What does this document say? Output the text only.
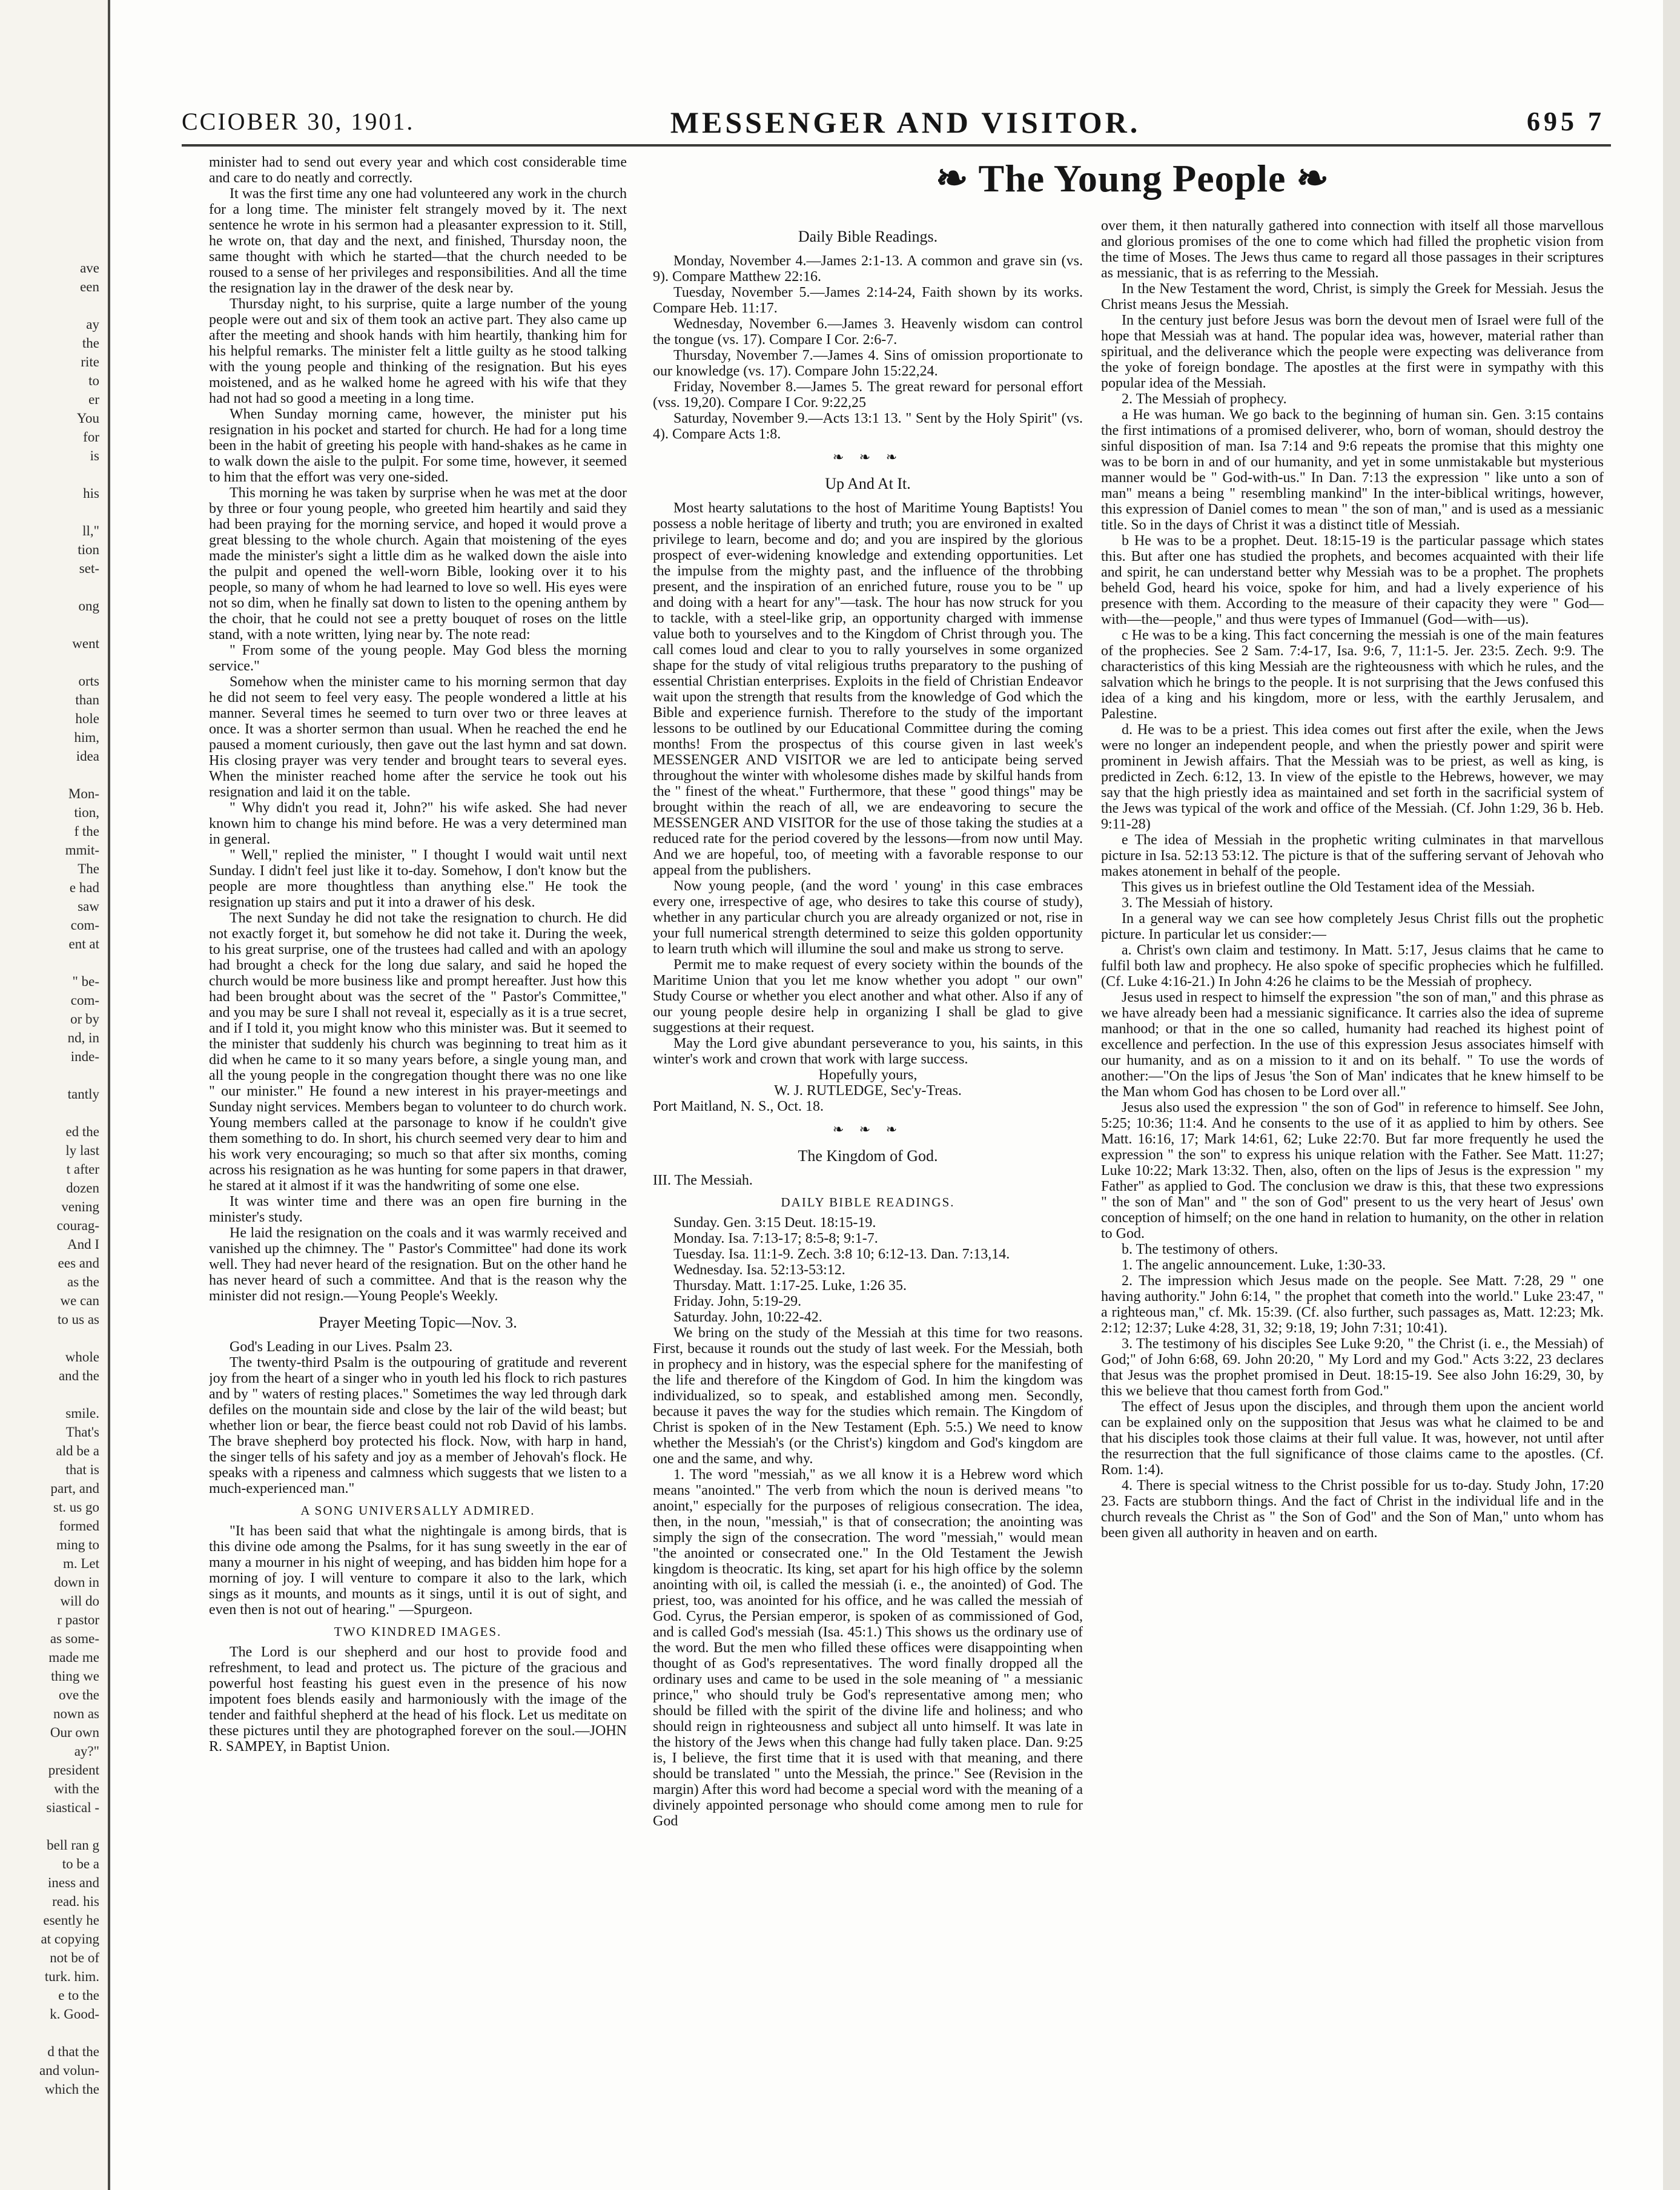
ave
een
ay
the
rite
to
er
You
for
is
his
ll,"
tion
set-
ong
went
orts
than
hole
him,
idea
Mon-
tion,
f the
mmit-
The
e had
saw
com-
ent at
" be-
com-
or by
nd, in
inde-
tantly
ed the
ly last
t after
dozen
vening
courag-
And I
ees and
as the
we can
to us as
whole
and the
smile.
That's
ald be a
that is
part, and
st. us go
formed
ming to
m. Let
down in
will do
r pastor
as some-
made me
thing we
ove the
nown as
Our own
ay?"
president
with the
siastical -
bell ran g
to be a
iness and
read. his
esently he
at copying
not be of
turk. him.
e to the
k. Good-
d that the
and volun-
which the
CCIOBER 30, 1901.	MESSENGER AND VISITOR.	695 7
❧ The Young People ❧

minister had to send out every year and which cost considerable time and care to do neatly and correctly.

It was the first time any one had volunteered any work in the church for a long time. The minister felt strangely moved by it. The next sentence he wrote in his sermon had a pleasanter expression to it. Still, he wrote on, that day and the next, and finished, Thursday noon, the same thought with which he started—that the church needed to be roused to a sense of her privileges and responsibilities. And all the time the resignation lay in the drawer of the desk near by.

Thursday night, to his surprise, quite a large number of the young people were out and six of them took an active part. They also came up after the meeting and shook hands with him heartily, thanking him for his helpful remarks. The minister felt a little guilty as he stood talking with the young people and thinking of the resignation. But his eyes moistened, and as he walked home he agreed with his wife that they had not had so good a meeting in a long time.

When Sunday morning came, however, the minister put his resignation in his pocket and started for church. He had for a long time been in the habit of greeting his people with hand-shakes as he came in to walk down the aisle to the pulpit. For some time, however, it seemed to him that the effort was very one-sided.

This morning he was taken by surprise when he was met at the door by three or four young people, who greeted him heartily and said they had been praying for the morning service, and hoped it would prove a great blessing to the whole church. Again that moistening of the eyes made the minister's sight a little dim as he walked down the aisle into the pulpit and opened the well-worn Bible, looking over it to his people, so many of whom he had learned to love so well. His eyes were not so dim, when he finally sat down to listen to the opening anthem by the choir, that he could not see a pretty bouquet of roses on the little stand, with a note written, lying near by. The note read:

" From some of the young people. May God bless the morning service."

Somehow when the minister came to his morning sermon that day he did not seem to feel very easy. The people wondered a little at his manner. Several times he seemed to turn over two or three leaves at once. It was a shorter sermon than usual. When he reached the end he paused a moment curiously, then gave out the last hymn and sat down. His closing prayer was very tender and brought tears to several eyes. When the minister reached home after the service he took out his resignation and laid it on the table.

" Why didn't you read it, John?" his wife asked. She had never known him to change his mind before. He was a very determined man in general.

" Well," replied the minister, " I thought I would wait until next Sunday. I didn't feel just like it to-day. Somehow, I don't know but the people are more thoughtless than anything else." He took the resignation up stairs and put it into a drawer of his desk.

The next Sunday he did not take the resignation to church. He did not exactly forget it, but somehow he did not take it. During the week, to his great surprise, one of the trustees had called and with an apology had brought a check for the long due salary, and said he hoped the church would be more business like and prompt hereafter. Just how this had been brought about was the secret of the " Pastor's Committee," and you may be sure I shall not reveal it, especially as it is a true secret, and if I told it, you might know who this minister was. But it seemed to the minister that suddenly his church was beginning to treat him as it did when he came to it so many years before, a single young man, and all the young people in the congregation thought there was no one like " our minister." He found a new interest in his prayer-meetings and Sunday night services. Members began to volunteer to do church work. Young members called at the parsonage to know if he couldn't give them something to do. In short, his church seemed very dear to him and his work very encouraging; so much so that after six months, coming across his resignation as he was hunting for some papers in that drawer, he stared at it almost if it was the handwriting of some one else.

It was winter time and there was an open fire burning in the minister's study.

He laid the resignation on the coals and it was warmly received and vanished up the chimney. The " Pastor's Committee" had done its work well. They had never heard of the resignation. But on the other hand he has never heard of such a committee. And that is the reason why the minister did not resign.—Young People's Weekly.

Prayer Meeting Topic—Nov. 3.

God's Leading in our Lives. Psalm 23.

The twenty-third Psalm is the outpouring of gratitude and reverent joy from the heart of a singer who in youth led his flock to rich pastures and by " waters of resting places." Sometimes the way led through dark defiles on the mountain side and close by the lair of the wild beast; but whether lion or bear, the fierce beast could not rob David of his lambs. The brave shepherd boy protected his flock. Now, with harp in hand, the singer tells of his safety and joy as a member of Jehovah's flock. He speaks with a ripeness and calmness which suggests that we listen to a much-experienced man."

A SONG UNIVERSALLY ADMIRED.

"It has been said that what the nightingale is among birds, that is this divine ode among the Psalms, for it has sung sweetly in the ear of many a mourner in his night of weeping, and has bidden him hope for a morning of joy. I will venture to compare it also to the lark, which sings as it mounts, and mounts as it sings, until it is out of sight, and even then is not out of hearing." —Spurgeon.

TWO KINDRED IMAGES.

The Lord is our shepherd and our host to provide food and refreshment, to lead and protect us. The picture of the gracious and powerful host feasting his guest even in the presence of his now impotent foes blends easily and harmoniously with the image of the tender and faithful shepherd at the head of his flock. Let us meditate on these pictures until they are photographed forever on the soul.—JOHN R. SAMPEY, in Baptist Union.

Daily Bible Readings.

Monday, November 4.—James 2:1-13. A common and grave sin (vs. 9). Compare Matthew 22:16.

Tuesday, November 5.—James 2:14-24, Faith shown by its works. Compare Heb. 11:17.

Wednesday, November 6.—James 3. Heavenly wisdom can control the tongue (vs. 17). Compare I Cor. 2:6-7.

Thursday, November 7.—James 4. Sins of omission proportionate to our knowledge (vs. 17). Compare John 15:22,24.

Friday, November 8.—James 5. The great reward for personal effort (vss. 19,20). Compare I Cor. 9:22,25

Saturday, November 9.—Acts 13:1 13. " Sent by the Holy Spirit" (vs. 4). Compare Acts 1:8.

❧ ❧ ❧

Up And At It.

Most hearty salutations to the host of Maritime Young Baptists! You possess a noble heritage of liberty and truth; you are environed in exalted privilege to learn, become and do; and you are inspired by the glorious prospect of ever-widening knowledge and extending opportunities. Let the impulse from the mighty past, and the influence of the throbbing present, and the inspiration of an enriched future, rouse you to be " up and doing with a heart for any"—task. The hour has now struck for you to tackle, with a steel-like grip, an opportunity charged with immense value both to yourselves and to the Kingdom of Christ through you. The call comes loud and clear to you to rally yourselves in some organized shape for the study of vital religious truths preparatory to the pushing of essential Christian enterprises. Exploits in the field of Christian Endeavor wait upon the strength that results from the knowledge of God which the Bible and experience furnish. Therefore to the study of the important lessons to be outlined by our Educational Committee during the coming months! From the prospectus of this course given in last week's MESSENGER AND VISITOR we are led to anticipate being served throughout the winter with wholesome dishes made by skilful hands from the " finest of the wheat." Furthermore, that these " good things" may be brought within the reach of all, we are endeavoring to secure the MESSENGER AND VISITOR for the use of those taking the studies at a reduced rate for the period covered by the lessons—from now until May. And we are hopeful, too, of meeting with a favorable response to our appeal from the publishers.

Now young people, (and the word ' young' in this case embraces every one, irrespective of age, who desires to take this course of study), whether in any particular church you are already organized or not, rise in your full numerical strength determined to seize this golden opportunity to learn truth which will illumine the soul and make us strong to serve.

Permit me to make request of every society within the bounds of the Maritime Union that you let me know whether you adopt " our own" Study Course or whether you elect another and what other. Also if any of our young people desire help in organizing I shall be glad to give suggestions at their request.

May the Lord give abundant perseverance to you, his saints, in this winter's work and crown that work with large success.

Hopefully yours,

W. J. RUTLEDGE, Sec'y-Treas.

Port Maitland, N. S., Oct. 18.

❧ ❧ ❧

The Kingdom of God.

III. The Messiah.

DAILY BIBLE READINGS.

Sunday. Gen. 3:15 Deut. 18:15-19.

Monday. Isa. 7:13-17; 8:5-8; 9:1-7.

Tuesday. Isa. 11:1-9. Zech. 3:8 10; 6:12-13. Dan. 7:13,14.

Wednesday. Isa. 52:13-53:12.

Thursday. Matt. 1:17-25. Luke, 1:26 35.

Friday. John, 5:19-29.

Saturday. John, 10:22-42.

We bring on the study of the Messiah at this time for two reasons. First, because it rounds out the study of last week. For the Messiah, both in prophecy and in history, was the especial sphere for the manifesting of the life and therefore of the Kingdom of God. In him the kingdom was individualized, so to speak, and established among men. Secondly, because it paves the way for the studies which remain. The Kingdom of Christ is spoken of in the New Testament (Eph. 5:5.) We need to know whether the Messiah's (or the Christ's) kingdom and God's kingdom are one and the same, and why.

1. The word "messiah," as we all know it is a Hebrew word which means "anointed." The verb from which the noun is derived means "to anoint," especially for the purposes of religious consecration. The idea, then, in the noun, "messiah," is that of consecration; the anointing was simply the sign of the consecration. The word "messiah," would mean "the anointed or consecrated one." In the Old Testament the Jewish kingdom is theocratic. Its king, set apart for his high office by the solemn anointing with oil, is called the messiah (i. e., the anointed) of God. The priest, too, was anointed for his office, and he was called the messiah of God. Cyrus, the Persian emperor, is spoken of as commissioned of God, and is called God's messiah (Isa. 45:1.) This shows us the ordinary use of the word. But the men who filled these offices were disappointing when thought of as God's representatives. The word finally dropped all the ordinary uses and came to be used in the sole meaning of " a messianic prince," who should truly be God's representative among men; who should be filled with the spirit of the divine life and holiness; and who should reign in righteousness and subject all unto himself. It was late in the history of the Jews when this change had fully taken place. Dan. 9:25 is, I believe, the first time that it is used with that meaning, and there should be translated " unto the Messiah, the prince." See (Revision in the margin) After this word had become a special word with the meaning of a divinely appointed personage who should come among men to rule for God

over them, it then naturally gathered into connection with itself all those marvellous and glorious promises of the one to come which had filled the prophetic vision from the time of Moses. The Jews thus came to regard all those passages in their scriptures as messianic, that is as referring to the Messiah.

In the New Testament the word, Christ, is simply the Greek for Messiah. Jesus the Christ means Jesus the Messiah.

In the century just before Jesus was born the devout men of Israel were full of the hope that Messiah was at hand. The popular idea was, however, material rather than spiritual, and the deliverance which the people were expecting was deliverance from the yoke of foreign bondage. The apostles at the first were in sympathy with this popular idea of the Messiah.

2. The Messiah of prophecy.

a He was human. We go back to the beginning of human sin. Gen. 3:15 contains the first intimations of a promised deliverer, who, born of woman, should destroy the sinful disposition of man. Isa 7:14 and 9:6 repeats the promise that this mighty one was to be born in and of our humanity, and yet in some unmistakable but mysterious manner would be " God-with-us." In Dan. 7:13 the expression " like unto a son of man" means a being " resembling mankind" In the inter-biblical writings, however, this expression of Daniel comes to mean " the son of man," and is used as a messianic title. So in the days of Christ it was a distinct title of Messiah.

b He was to be a prophet. Deut. 18:15-19 is the particular passage which states this. But after one has studied the prophets, and becomes acquainted with their life and spirit, he can understand better why Messiah was to be a prophet. The prophets beheld God, heard his voice, spoke for him, and had a lively experience of his presence with them. According to the measure of their capacity they were " God—with—the—people," and thus were types of Immanuel (God—with—us).

c He was to be a king. This fact concerning the messiah is one of the main features of the prophecies. See 2 Sam. 7:4-17, Isa. 9:6, 7, 11:1-5. Jer. 23:5. Zech. 9:9. The characteristics of this king Messiah are the righteousness with which he rules, and the salvation which he brings to the people. It is not surprising that the Jews confused this idea of a king and his kingdom, more or less, with the earthly Jerusalem, and Palestine.

d. He was to be a priest. This idea comes out first after the exile, when the Jews were no longer an independent people, and when the priestly power and spirit were prominent in Jewish affairs. That the Messiah was to be priest, as well as king, is predicted in Zech. 6:12, 13. In view of the epistle to the Hebrews, however, we may say that the high priestly idea as maintained and set forth in the sacrificial system of the Jews was typical of the work and office of the Messiah. (Cf. John 1:29, 36 b. Heb. 9:11-28)

e The idea of Messiah in the prophetic writing culminates in that marvellous picture in Isa. 52:13 53:12. The picture is that of the suffering servant of Jehovah who makes atonement in behalf of the people.

This gives us in briefest outline the Old Testament idea of the Messiah.

3. The Messiah of history.

In a general way we can see how completely Jesus Christ fills out the prophetic picture. In particular let us consider:—

a. Christ's own claim and testimony. In Matt. 5:17, Jesus claims that he came to fulfil both law and prophecy. He also spoke of specific prophecies which he fulfilled. (Cf. Luke 4:16-21.) In John 4:26 he claims to be the Messiah of prophecy.

Jesus used in respect to himself the expression "the son of man," and this phrase as we have already been had a messianic significance. It carries also the idea of supreme manhood; or that in the one so called, humanity had reached its highest point of excellence and perfection. In the use of this expression Jesus associates himself with our humanity, and as on a mission to it and on its behalf. " To use the words of another:—"On the lips of Jesus 'the Son of Man' indicates that he knew himself to be the Man whom God has chosen to be Lord over all."

Jesus also used the expression " the son of God" in reference to himself. See John, 5:25; 10:36; 11:4. And he consents to the use of it as applied to him by others. See Matt. 16:16, 17; Mark 14:61, 62; Luke 22:70. But far more frequently he used the expression " the son" to express his unique relation with the Father. See Matt. 11:27; Luke 10:22; Mark 13:32. Then, also, often on the lips of Jesus is the expression " my Father" as applied to God. The conclusion we draw is this, that these two expressions " the son of Man" and " the son of God" present to us the very heart of Jesus' own conception of himself; on the one hand in relation to humanity, on the other in relation to God.

b. The testimony of others.

1. The angelic announcement. Luke, 1:30-33.

2. The impression which Jesus made on the people. See Matt. 7:28, 29 " one having authority." John 6:14, " the prophet that cometh into the world." Luke 23:47, " a righteous man," cf. Mk. 15:39. (Cf. also further, such passages as, Matt. 12:23; Mk. 2:12; 12:37; Luke 4:28, 31, 32; 9:18, 19; John 7:31; 10:41).

3. The testimony of his disciples See Luke 9:20, " the Christ (i. e., the Messiah) of God;" of John 6:68, 69. John 20:20, " My Lord and my God." Acts 3:22, 23 declares that Jesus was the prophet promised in Deut. 18:15-19. See also John 16:29, 30, by this we believe that thou camest forth from God."

The effect of Jesus upon the disciples, and through them upon the ancient world can be explained only on the supposition that Jesus was what he claimed to be and that his disciples took those claims at their full value. It was, however, not until after the resurrection that the full significance of those claims came to the apostles. (Cf. Rom. 1:4).

4. There is special witness to the Christ possible for us to-day. Study John, 17:20 23. Facts are stubborn things. And the fact of Christ in the individual life and in the church reveals the Christ as " the Son of God" and the Son of Man," unto whom has been given all authority in heaven and on earth.
